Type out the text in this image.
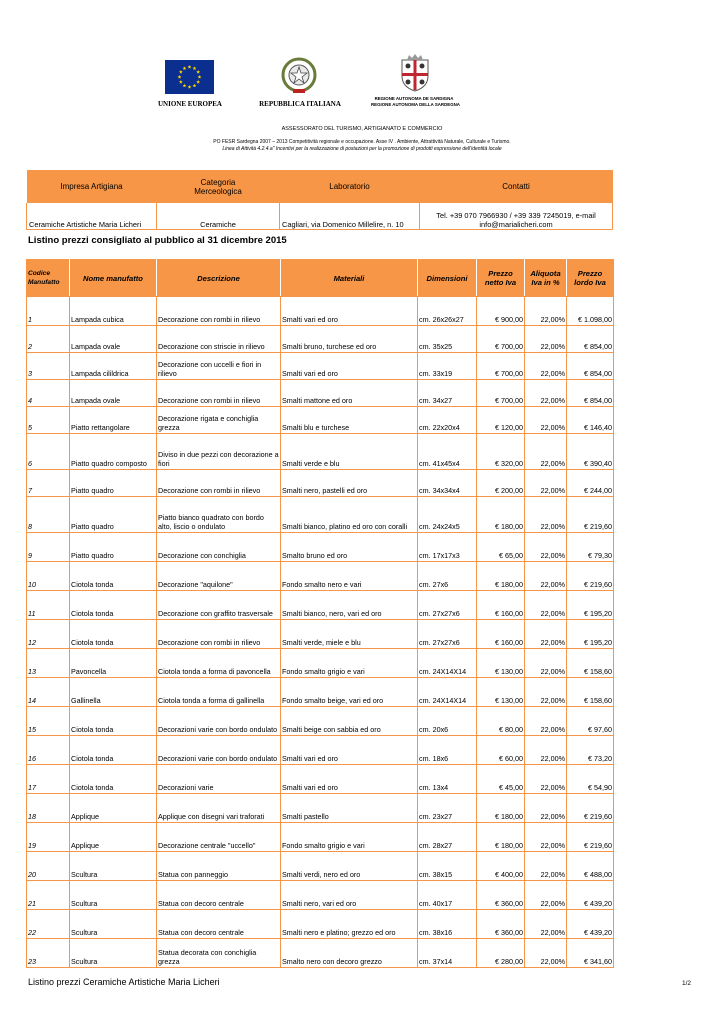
UNIONE EUROPEA	REPUBBLICA ITALIANA
REGIONE AUTONOMA DE SARDIGNA
REGIONE AUTONOMA DELLA SARDEGNA
ASSESSORATO DEL TURISMO, ARTIGIANATO E COMMERCIO
PO FESR Sardegna 2007 – 2013 Competitività regionale e occupazione. Asse IV . Ambiente, Attrattività Naturale, Culturale e Turismo.
Linea di Attività 4.2.4.a" Incentivi per la realizzazione di postazioni per la promozione di prodotti espressione dell'identità locale
Impresa Artigiana	Categoria Merceologica	Laboratorio	Contatti
Ceramiche Artistiche Maria Licheri	Ceramiche	Cagliari, via Domenico Millelire, n. 10	Tel. +39 070 7966930 / +39 339 7245019, e-mail info@marialicheri.com
Listino prezzi consigliato al pubblico al 31 dicembre 2015
Codice Manufatto	Nome manufatto	Descrizione	Materiali	Dimensioni	Prezzo netto Iva	Aliquota Iva in %	Prezzo lordo Iva
1	Lampada cubica	Decorazione con rombi in rilievo	Smalti vari ed oro	cm. 26x26x27	€ 900,00	22,00%	€ 1.098,00
2	Lampada ovale	Decorazione con striscie in rilievo	Smalti bruno, turchese ed oro	cm. 35x25	€ 700,00	22,00%	€ 854,00
3	Lampada cilildrica	Decorazione con uccelli e fiori in rilievo	Smalti vari ed oro	cm. 33x19	€ 700,00	22,00%	€ 854,00
4	Lampada ovale	Decorazione con rombi in rilievo	Smalti mattone ed oro	cm. 34x27	€ 700,00	22,00%	€ 854,00
5	Piatto rettangolare	Decorazione rigata e conchiglia grezza	Smalti blu e turchese	cm. 22x20x4	€ 120,00	22,00%	€ 146,40
6	Piatto quadro composto	Diviso in due pezzi con decorazione a fiori	Smalti verde e blu	cm. 41x45x4	€ 320,00	22,00%	€ 390,40
7	Piatto quadro	Decorazione con rombi in rilievo	Smalti nero, pastelli ed oro	cm. 34x34x4	€ 200,00	22,00%	€ 244,00
8	Piatto quadro	Piatto bianco quadrato con bordo alto, liscio o ondulato	Smalti bianco, platino ed oro con coralli	cm. 24x24x5	€ 180,00	22,00%	€ 219,60
9	Piatto quadro	Decorazione con conchiglia	Smalto bruno ed oro	cm. 17x17x3	€ 65,00	22,00%	€ 79,30
10	Ciotola tonda	Decorazione "aquilone"	Fondo smalto nero e vari	cm. 27x6	€ 180,00	22,00%	€ 219,60
11	Ciotola tonda	Decorazione con graffito trasversale	Smalti bianco, nero, vari ed oro	cm. 27x27x6	€ 160,00	22,00%	€ 195,20
12	Ciotola tonda	Decorazione con rombi in rilievo	Smalti verde, miele e blu	cm. 27x27x6	€ 160,00	22,00%	€ 195,20
13	Pavoncella	Ciotola tonda a forma di pavoncella	Fondo smalto grigio e vari	cm. 24X14X14	€ 130,00	22,00%	€ 158,60
14	Gallinella	Ciotola tonda a forma di gallinella	Fondo smalto beige, vari ed oro	cm. 24X14X14	€ 130,00	22,00%	€ 158,60
15	Ciotola tonda	Decorazioni varie con bordo ondulato	Smalti beige con sabbia ed oro	cm. 20x6	€ 80,00	22,00%	€ 97,60
16	Ciotola tonda	Decorazioni varie con bordo ondulato	Smalti vari ed oro	cm. 18x6	€ 60,00	22,00%	€ 73,20
17	Ciotola tonda	Decorazioni varie	Smalti vari ed oro	cm. 13x4	€ 45,00	22,00%	€ 54,90
18	Applique	Applique con disegni vari traforati	Smalti pastello	cm. 23x27	€ 180,00	22,00%	€ 219,60
19	Applique	Decorazione centrale "uccello"	Fondo smalto grigio e vari	cm. 28x27	€ 180,00	22,00%	€ 219,60
20	Scultura	Statua con panneggio	Smalti verdi, nero ed oro	cm. 38x15	€ 400,00	22,00%	€ 488,00
21	Scultura	Statua con decoro centrale	Smalti nero, vari ed oro	cm. 40x17	€ 360,00	22,00%	€ 439,20
22	Scultura	Statua con decoro centrale	Smalti nero e platino; grezzo ed oro	cm. 38x16	€ 360,00	22,00%	€ 439,20
23	Scultura	Statua decorata con conchiglia grezza	Smalto nero con decoro grezzo	cm. 37x14	€ 280,00	22,00%	€ 341,60
Listino prezzi Ceramiche Artistiche Maria Licheri	1/2
